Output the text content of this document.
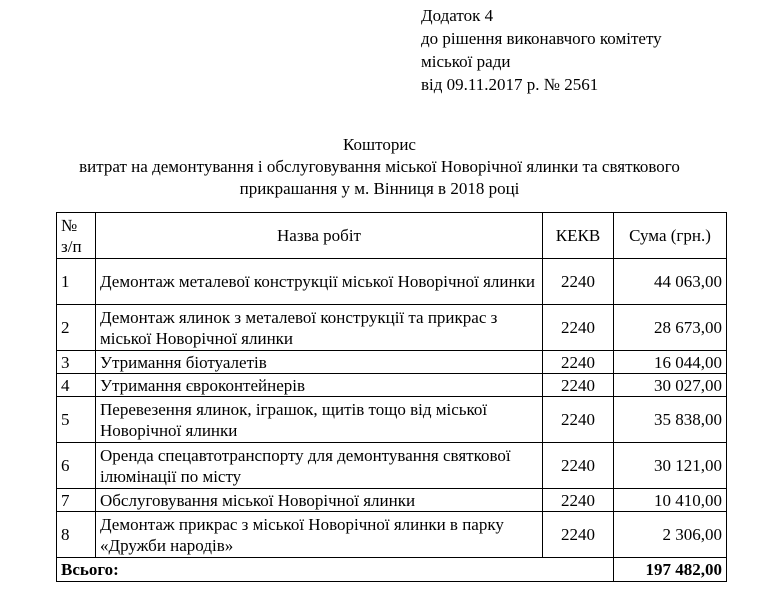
Додаток 4
до рішення виконавчого комітету
міської ради
від 09.11.2017 р. № 2561
Кошторис
витрат на демонтування і обслуговування міської Новорічної ялинки та святкового
прикрашання у м. Вінниця в 2018 році
№
з/п	Назва робіт	КЕКВ	Сума (грн.)
1	Демонтаж металевої конструкції міської Новорічної ялинки	2240	44 063,00
2	Демонтаж ялинок з металевої конструкції та прикрас з міської Новорічної ялинки	2240	28 673,00
3	Утримання біотуалетів	2240	16 044,00
4	Утримання євроконтейнерів	2240	30 027,00
5	Перевезення ялинок, іграшок, щитів тощо від міської Новорічної ялинки	2240	35 838,00
6	Оренда спецавтотранспорту для демонтування святкової ілюмінації по місту	2240	30 121,00
7	Обслуговування міської Новорічної ялинки	2240	10 410,00
8	Демонтаж прикрас з міської Новорічної ялинки в парку «Дружби народів»	2240	2 306,00
Всього:			197 482,00
